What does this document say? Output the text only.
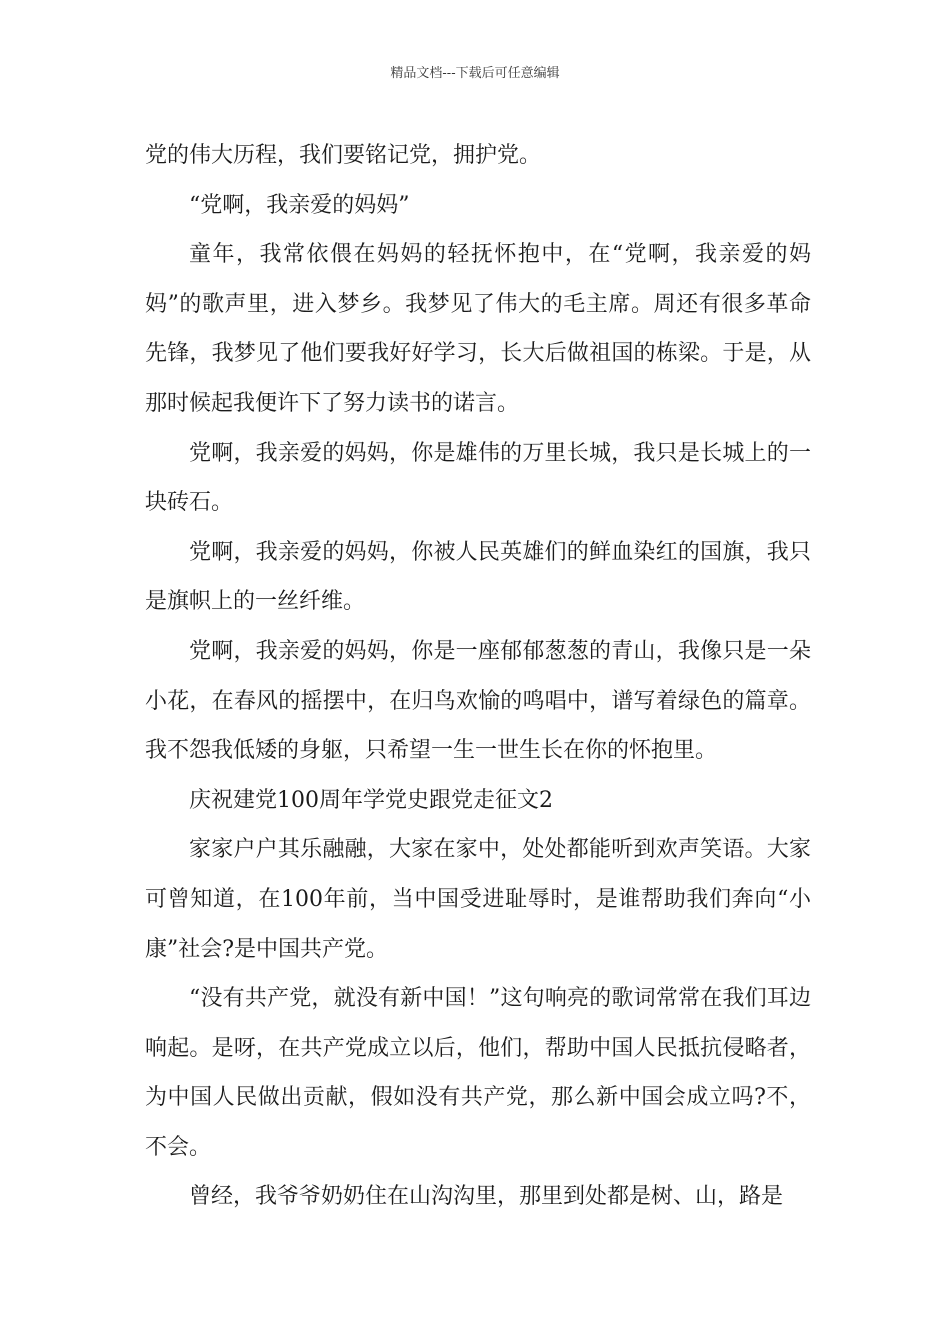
精品文档---下载后可任意编辑

党的伟大历程，我们要铭记党，拥护党。

“党啊，我亲爱的妈妈”

童年，我常依偎在妈妈的轻抚怀抱中，在“党啊，我亲爱的妈妈”的歌声里，进入梦乡。我梦见了伟大的毛主席。周还有很多革命先锋，我梦见了他们要我好好学习，长大后做祖国的栋梁。于是，从那时候起我便许下了努力读书的诺言。

党啊，我亲爱的妈妈，你是雄伟的万里长城，我只是长城上的一块砖石。

党啊，我亲爱的妈妈，你被人民英雄们的鲜血染红的国旗，我只是旗帜上的一丝纤维。

党啊，我亲爱的妈妈，你是一座郁郁葱葱的青山，我像只是一朵小花，在春风的摇摆中，在归鸟欢愉的鸣唱中，谱写着绿色的篇章。我不怨我低矮的身躯，只希望一生一世生长在你的怀抱里。

庆祝建党100周年学党史跟党走征文2

家家户户其乐融融，大家在家中，处处都能听到欢声笑语。大家可曾知道，在100年前，当中国受进耻辱时，是谁帮助我们奔向“小康”社会?是中国共产党。

“没有共产党，就没有新中国！”这句响亮的歌词常常在我们耳边响起。是呀，在共产党成立以后，他们，帮助中国人民抵抗侵略者，为中国人民做出贡献，假如没有共产党，那么新中国会成立吗?不，不会。

曾经，我爷爷奶奶住在山沟沟里，那里到处都是树、山，路是
